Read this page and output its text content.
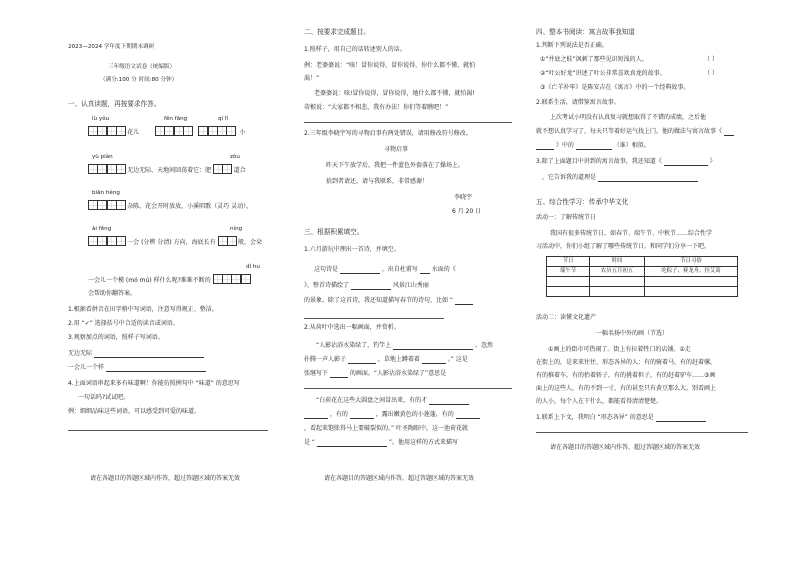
2023—2024 学年度下期期末调研
三年级语文试卷（统编版）
（满分:100 分 时间:80 分钟）
一、认真读题，再按要求作答。
lù yǒu	fěn fǎng	qí lǐ
花儿	小
yù piàn	zǒu
无边无际，天地间回荡着它：肥	道合
biǎn héng
杂陈，花会开时放放，小溪唱歌（灵巧 灵动），
ài fěng	níng
一会 (分辨 分清) 方向，海底长有	般，会朵
dǐ hu
一会儿一个模 (mó mú) 样什么呢?难难不断的
会帮助你翻答案。
1.根据看拼音在田字格中写词语，注意写得规正、整洁。
2.用 “✓” 选择括号中合适的读音或词语。
3.观察加点的词语，照样子写词语。
无边无际
一会儿一个样
4.上面词语串起来多有味道啊！你能仿照例句中 “味道” 的意思写
一句话吗?试试吧。
例：细细品味这些词语，可以感受到可爱的味道。
请在各题目的答题区域内作答，超过答题区域的答案无效
二、按要求完成题目。
1.照样子，用自己的话转述别人的话。
例：老婆婆说：“咳！冒你说得，冒你说得，你什么都不懂，就怕
渴！”
老婆婆说：咳!冒你说得，冒你说得，她什么都不懂，就怕渴!
蒂根说：“大家都不相悲，我有办法！你们等着瞧吧！”
2.三年级李晓宇写的寻物启事有两处错误，请用修改符号修改。
寻物启事
昨天下午放学后，我把一件蓝色外套落在了操场上。
拾到者请还，请与我联系，非常感谢！
李晓宇
6 月 20 日
三、根据积累填空。
1.六月游玩中理出一首诗，并填空。
这句诗是	，出自杜甫写 水面的《
》，整首诗描绘了	风景江山秀丽
的景象。除了这首诗，我还知道描写春节的诗句，比如 “
2.从荷叶中选出一幅画面，并赏析。
“人影沾浴水染绿了，钓竿上	。忽然
扑腾一声人影子	，草地上蹲着着	。” 这是
张继写下	的画面。“人影沾浴水染绿了”意思是
“白荷花在这些大圆盘之间冒出来，有的才
，有的	，露出嫩黄色的小莲蓬，有的
，看起来饱胀得马上要破裂似的。” 叶圣陶眼中，这一池荷花就
是 “	”。他用这样的方式来描写
请在各题目的答题区域内作答，超过答题区域的答案无效
四、整本书阅读：寓言故事我知道
1.判断下列说法是否正确。
①“井底之蛙”讽刺了那些见识短浅的人。	（ ）
②“叶公好龙”讲述了叶公非常喜欢真龙的故事。	（ ）
③《亡羊补牢》是陈安吉在《寓言》中的一个经典故事。
2.联系生活，请借鉴寓言故事。
上次考试小明没有认真复习就想取得了不错的成绩，之后他
就不想认真学习了，每天只等着好运气找上门。他的做法与寓言故事《
》中的	（谁）相似。
3.除了上面题目中讲到的寓言故事，我还知道《	》
，它告诉我的道理是
五、综合性学习：传承中华文化
活动一：了解传统节日
我国有很多传统节日，如春节、端午节、中秋节……综合性学
习活动中，你们小组了解了哪些传统节日，和同学们分享一下吧。
节日	时间	节日习俗
端午节	农历五月初五	吃粽子、赛龙舟、挂艾蒿

活动二：读懂文化遗产
一幅名扬中外的画（节选）
①画上的街市可热闹了。街上有拉着牲口的店铺。②走
在街上的，是来来往往、形态各异的人：有的骑着马，有的赶着骡，
有的推着车，有的抬着轿子，有的挑着担子，有的赶着驴车……③画
面上的这些人，有的不到一寸，有的甚至只有黄豆那么大。别看画上
的人小，每个人在干什么，都能看得清清楚楚。
1.联系上下文，我明白 “形态各异” 的意思是
请在各题目的答题区域内作答，超过答题区域的答案无效
